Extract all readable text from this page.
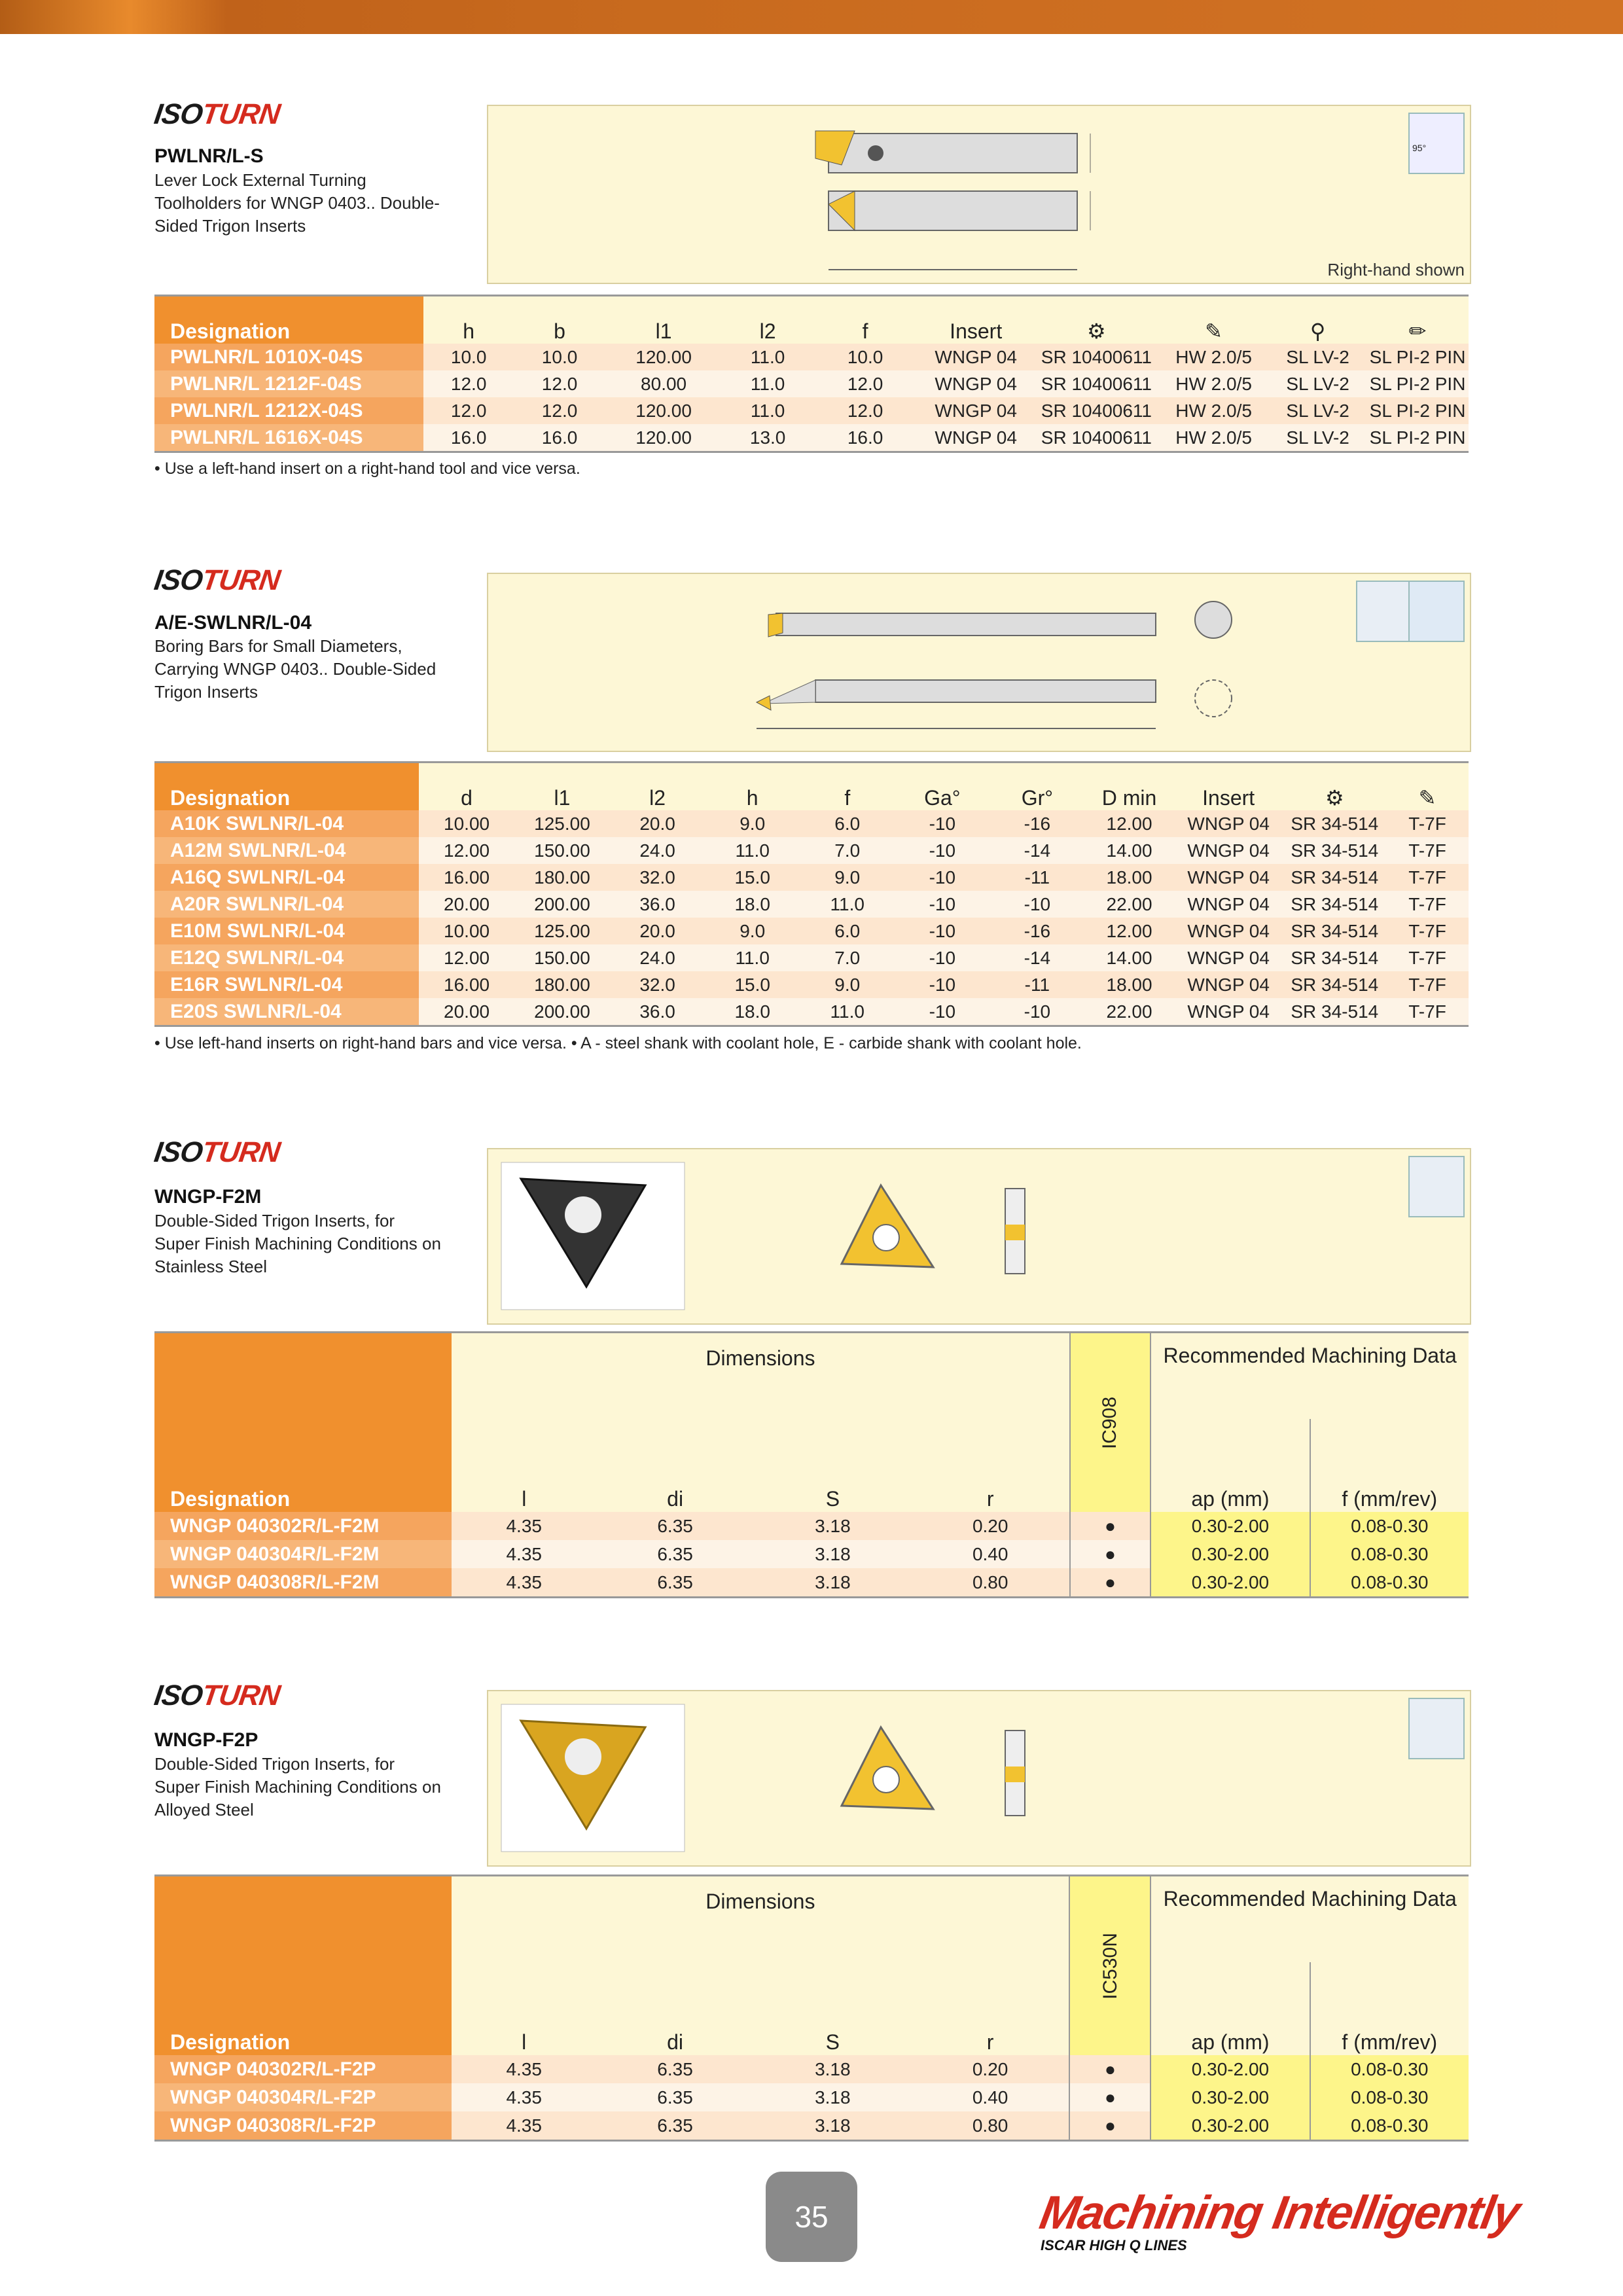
ISOTURN
PWLNR/L-S
Lever Lock External Turning Toolholders for WNGP 0403.. Double-Sided Trigon Inserts
Right-hand shown
95°
Designation	h	b	l1	l2	f	Insert	⚙	✎	⚲	✏
PWLNR/L 1010X-04S	10.0	10.0	120.00	11.0	10.0	WNGP 04	SR 10400611	HW 2.0/5	SL LV-2	SL PI-2 PIN
PWLNR/L 1212F-04S	12.0	12.0	80.00	11.0	12.0	WNGP 04	SR 10400611	HW 2.0/5	SL LV-2	SL PI-2 PIN
PWLNR/L 1212X-04S	12.0	12.0	120.00	11.0	12.0	WNGP 04	SR 10400611	HW 2.0/5	SL LV-2	SL PI-2 PIN
PWLNR/L 1616X-04S	16.0	16.0	120.00	13.0	16.0	WNGP 04	SR 10400611	HW 2.0/5	SL LV-2	SL PI-2 PIN
• Use a left-hand insert on a right-hand tool and vice versa.
ISOTURN
A/E-SWLNR/L-04
Boring Bars for Small Diameters, Carrying WNGP 0403.. Double-Sided Trigon Inserts
Designation	d	l1	l2	h	f	Ga°	Gr°	D min	Insert	⚙	✎
A10K SWLNR/L-04	10.00	125.00	20.0	9.0	6.0	-10	-16	12.00	WNGP 04	SR 34-514	T-7F
A12M SWLNR/L-04	12.00	150.00	24.0	11.0	7.0	-10	-14	14.00	WNGP 04	SR 34-514	T-7F
A16Q SWLNR/L-04	16.00	180.00	32.0	15.0	9.0	-10	-11	18.00	WNGP 04	SR 34-514	T-7F
A20R SWLNR/L-04	20.00	200.00	36.0	18.0	11.0	-10	-10	22.00	WNGP 04	SR 34-514	T-7F
E10M SWLNR/L-04	10.00	125.00	20.0	9.0	6.0	-10	-16	12.00	WNGP 04	SR 34-514	T-7F
E12Q SWLNR/L-04	12.00	150.00	24.0	11.0	7.0	-10	-14	14.00	WNGP 04	SR 34-514	T-7F
E16R SWLNR/L-04	16.00	180.00	32.0	15.0	9.0	-10	-11	18.00	WNGP 04	SR 34-514	T-7F
E20S SWLNR/L-04	20.00	200.00	36.0	18.0	11.0	-10	-10	22.00	WNGP 04	SR 34-514	T-7F
• Use left-hand inserts on right-hand bars and vice versa. • A - steel shank with coolant hole, E - carbide shank with coolant hole.
ISOTURN
WNGP-F2M
Double-Sided Trigon Inserts, for Super Finish Machining Conditions on Stainless Steel
Designation	Dimensions				IC908	Recommended Machining Data	
	l	di	S	r		ap (mm)	f (mm/rev)
WNGP 040302R/L-F2M	4.35	6.35	3.18	0.20	●	0.30-2.00	0.08-0.30
WNGP 040304R/L-F2M	4.35	6.35	3.18	0.40	●	0.30-2.00	0.08-0.30
WNGP 040308R/L-F2M	4.35	6.35	3.18	0.80	●	0.30-2.00	0.08-0.30
ISOTURN
WNGP-F2P
Double-Sided Trigon Inserts, for Super Finish Machining Conditions on Alloyed Steel
Designation	Dimensions				IC530N	Recommended Machining Data	
	l	di	S	r		ap (mm)	f (mm/rev)
WNGP 040302R/L-F2P	4.35	6.35	3.18	0.20	●	0.30-2.00	0.08-0.30
WNGP 040304R/L-F2P	4.35	6.35	3.18	0.40	●	0.30-2.00	0.08-0.30
WNGP 040308R/L-F2P	4.35	6.35	3.18	0.80	●	0.30-2.00	0.08-0.30
35	Machining Intelligently
ISCAR HIGH Q LINES
